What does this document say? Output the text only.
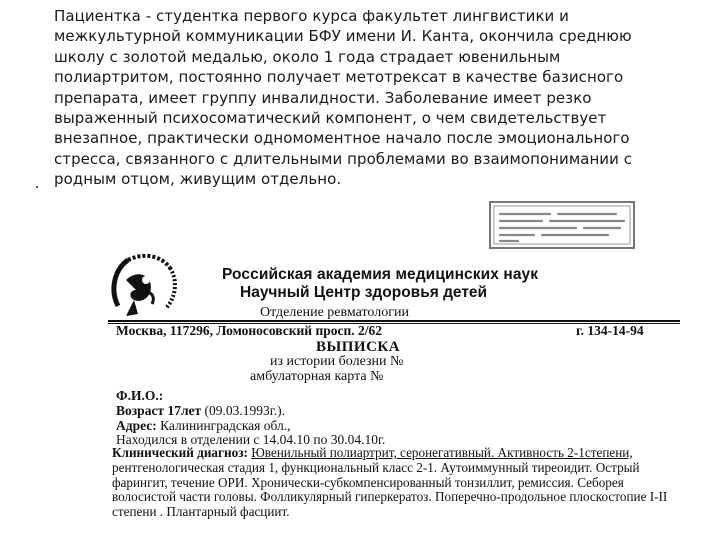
Пациентка - студентка первого курса факультет лингвистики и
межкультурной коммуникации БФУ имени И. Канта, окончила среднюю
школу с золотой медалью, около 1 года страдает ювенильным
полиартритом, постоянно получает метотрексат в качестве базисного
препарата, имеет группу инвалидности. Заболевание имеет резко
выраженный психосоматический компонент, о чем свидетельствует
внезапное, практически одномоментное начало после эмоционального
стресса, связанного с длительными проблемами во взаимопонимании с
родным отцом, живущим отдельно.
Российская академия медицинских наук
Научный Центр здоровья детей
Отделение ревматологии
Москва, 117296, Ломоносовский просп. 2/62	г. 134-14-94
ВЫПИСКА
из истории болезни №
амбулаторная карта №
Ф.И.О.:
Возраст 17лет (09.03.1993г.).
Адрес: Калининградская обл.,
Находился в отделении с 14.04.10 по 30.04.10г.
Клинический диагноз: Ювенильный полиартрит, серонегативный. Активность 2-1степени,
рентгенологическая стадия 1, функциональный класс 2-1. Аутоиммунный тиреоидит. Острый
фарингит, течение ОРИ. Хронически-субкомпенсированный тонзиллит, ремиссия. Себорея
волосистой части головы. Фолликулярный гиперкератоз. Поперечно-продольное плоскостопие I-II
степени . Плантарный фасциит.
